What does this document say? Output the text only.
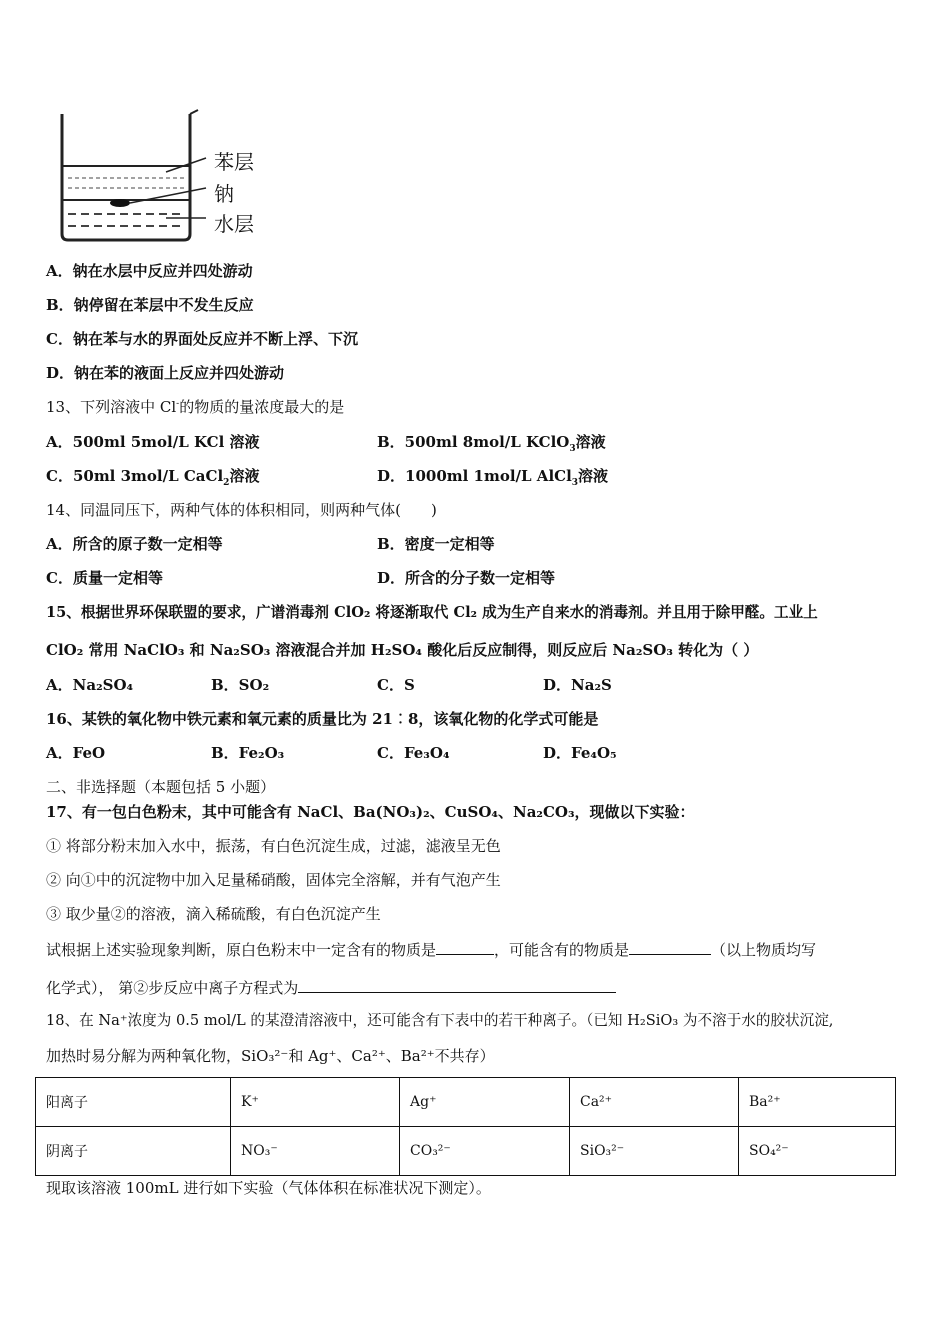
苯层
钠
水层
A．钠在水层中反应并四处游动
B．钠停留在苯层中不发生反应
C．钠在苯与水的界面处反应并不断上浮、下沉
D．钠在苯的液面上反应并四处游动
13、下列溶液中 Cl-的物质的量浓度最大的是
A．500ml 5mol/L KCl 溶液	B．500ml 8mol/L KClO$_3$溶液
C．50ml 3mol/L CaCl$_2$溶液	D．1000ml 1mol/L AlCl$_3$溶液
14、同温同压下，两种气体的体积相同，则两种气体(　　)
A．所含的原子数一定相等	B．密度一定相等
C．质量一定相等	D．所含的分子数一定相等
15、根据世界环保联盟的要求，广谱消毒剂 ClO₂ 将逐渐取代 Cl₂ 成为生产自来水的消毒剂。并且用于除甲醛。工业上
ClO₂ 常用 NaClO₃ 和 Na₂SO₃ 溶液混合并加 H₂SO₄ 酸化后反应制得，则反应后 Na₂SO₃ 转化为（ ）
A．Na₂SO₄	B．SO₂	C．S	D．Na₂S
16、某铁的氧化物中铁元素和氧元素的质量比为 21︰8，该氧化物的化学式可能是
A．FeO	B．Fe₂O₃	C．Fe₃O₄	D．Fe₄O₅
二、非选择题（本题包括 5 小题）
17、有一包白色粉末，其中可能含有 NaCl、Ba(NO₃)₂、CuSO₄、Na₂CO₃，现做以下实验：
① 将部分粉末加入水中，振荡，有白色沉淀生成，过滤，滤液呈无色
② 向①中的沉淀物中加入足量稀硝酸，固体完全溶解，并有气泡产生
③ 取少量②的溶液，滴入稀硫酸，有白色沉淀产生
试根据上述实验现象判断，原白色粉末中一定含有的物质是	，可能含有的物质是	（以上物质均写
化学式）， 第②步反应中离子方程式为
18、在 Na⁺浓度为 0.5 mol/L 的某澄清溶液中，还可能含有下表中的若干种离子。（已知 H₂SiO₃ 为不溶于水的胶状沉淀,
加热时易分解为两种氧化物，SiO₃²⁻和 Ag⁺、Ca²⁺、Ba²⁺不共存）
阳离子	K⁺	Ag⁺	Ca²⁺	Ba²⁺
阴离子	NO₃⁻	CO₃²⁻	SiO₃²⁻	SO₄²⁻
现取该溶液 100mL 进行如下实验（气体体积在标准状况下测定）。
